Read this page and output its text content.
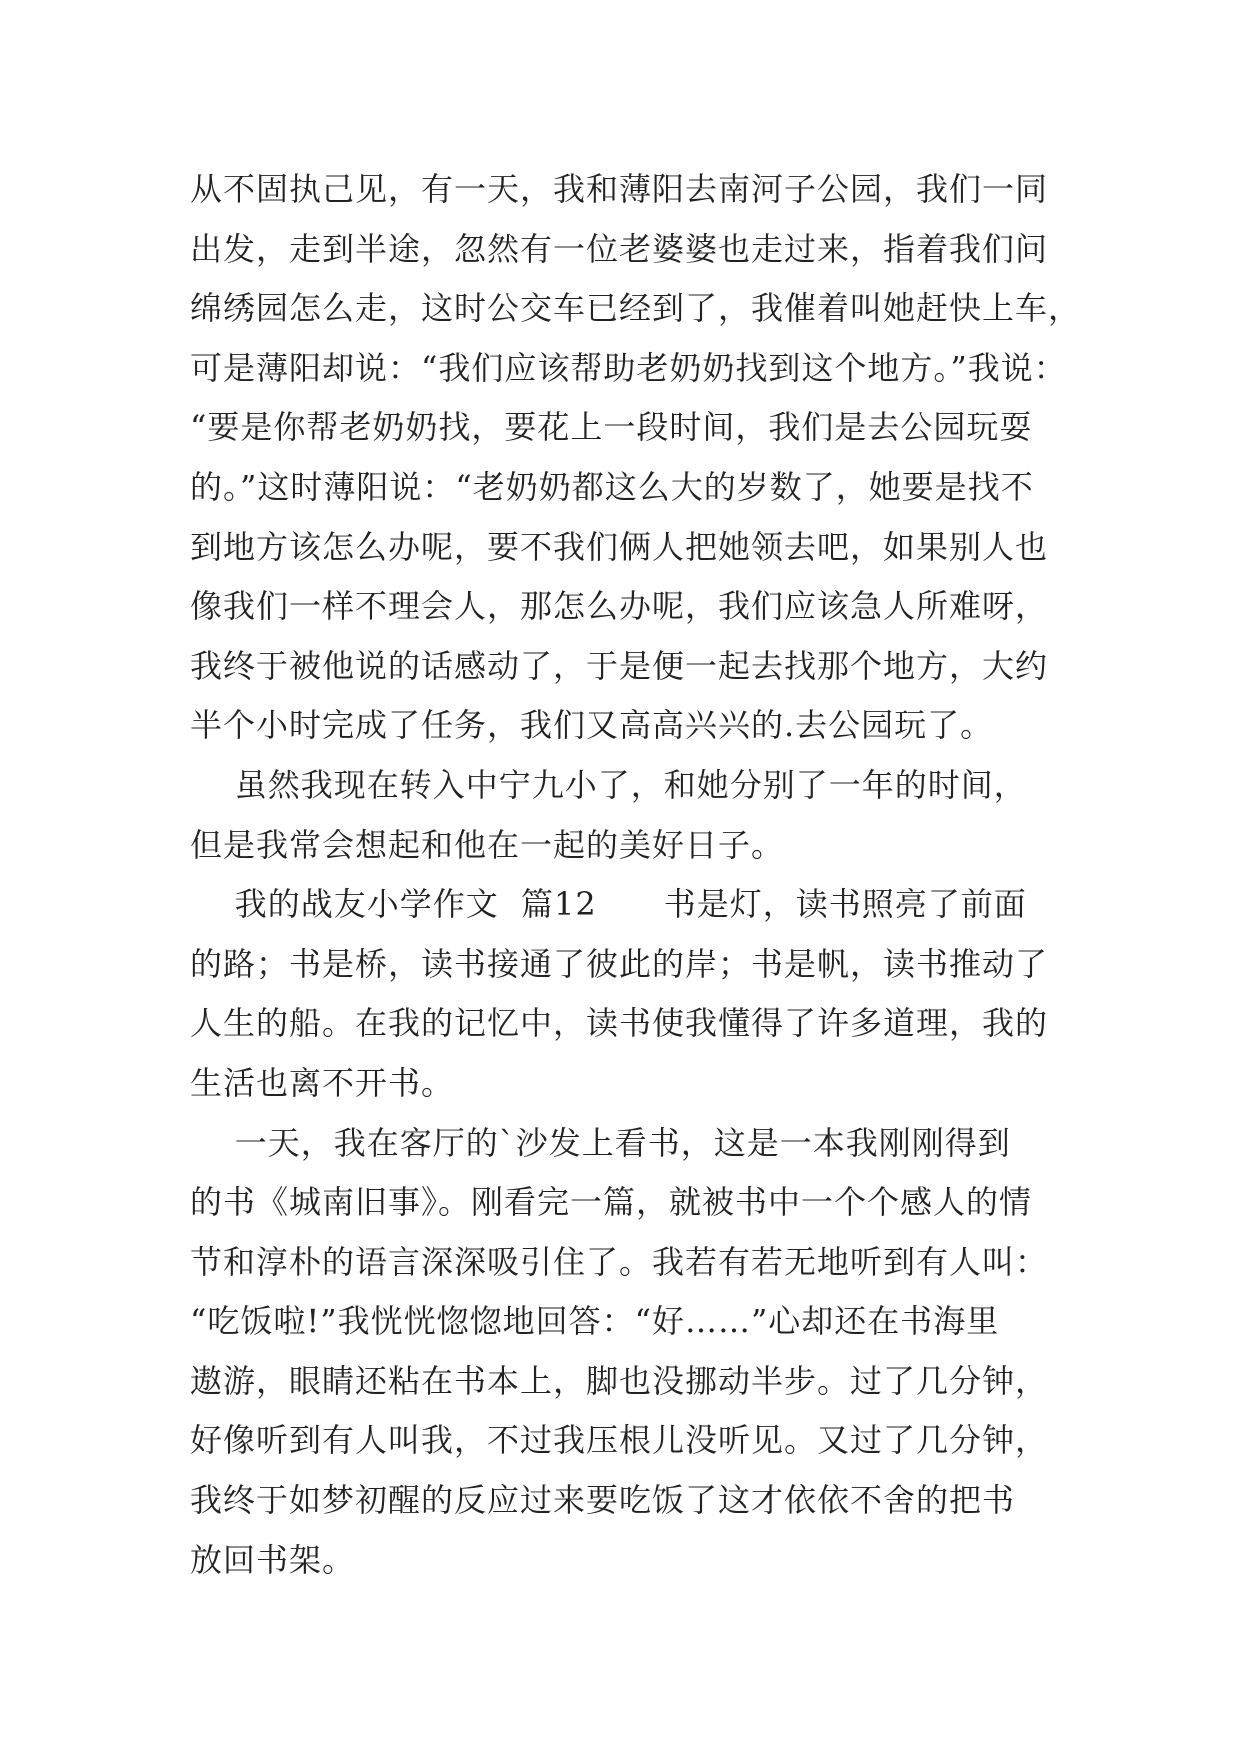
从不固执己见，有一天，我和薄阳去南河子公园，我们一同
出发，走到半途，忽然有一位老婆婆也走过来，指着我们问
绵绣园怎么走，这时公交车已经到了，我催着叫她赶快上车，
可是薄阳却说：“我们应该帮助老奶奶找到这个地方。”我说：
“要是你帮老奶奶找，要花上一段时间，我们是去公园玩耍
的。”这时薄阳说：“老奶奶都这么大的岁数了，她要是找不
到地方该怎么办呢，要不我们俩人把她领去吧，如果别人也
像我们一样不理会人，那怎么办呢，我们应该急人所难呀，
我终于被他说的话感动了，于是便一起去找那个地方，大约
半个小时完成了任务，我们又高高兴兴的.去公园玩了。
虽然我现在转入中宁九小了，和她分别了一年的时间，
但是我常会想起和他在一起的美好日子。
我的战友小学作文  篇12      书是灯，读书照亮了前面
的路；书是桥，读书接通了彼此的岸；书是帆，读书推动了
人生的船。在我的记忆中，读书使我懂得了许多道理，我的
生活也离不开书。
一天，我在客厅的`沙发上看书，这是一本我刚刚得到
的书《城南旧事》。刚看完一篇，就被书中一个个感人的情
节和淳朴的语言深深吸引住了。我若有若无地听到有人叫：
“吃饭啦!”我恍恍惚惚地回答：“好……”心却还在书海里
遨游，眼睛还粘在书本上，脚也没挪动半步。过了几分钟，
好像听到有人叫我，不过我压根儿没听见。又过了几分钟，
我终于如梦初醒的反应过来要吃饭了这才依依不舍的把书
放回书架。
